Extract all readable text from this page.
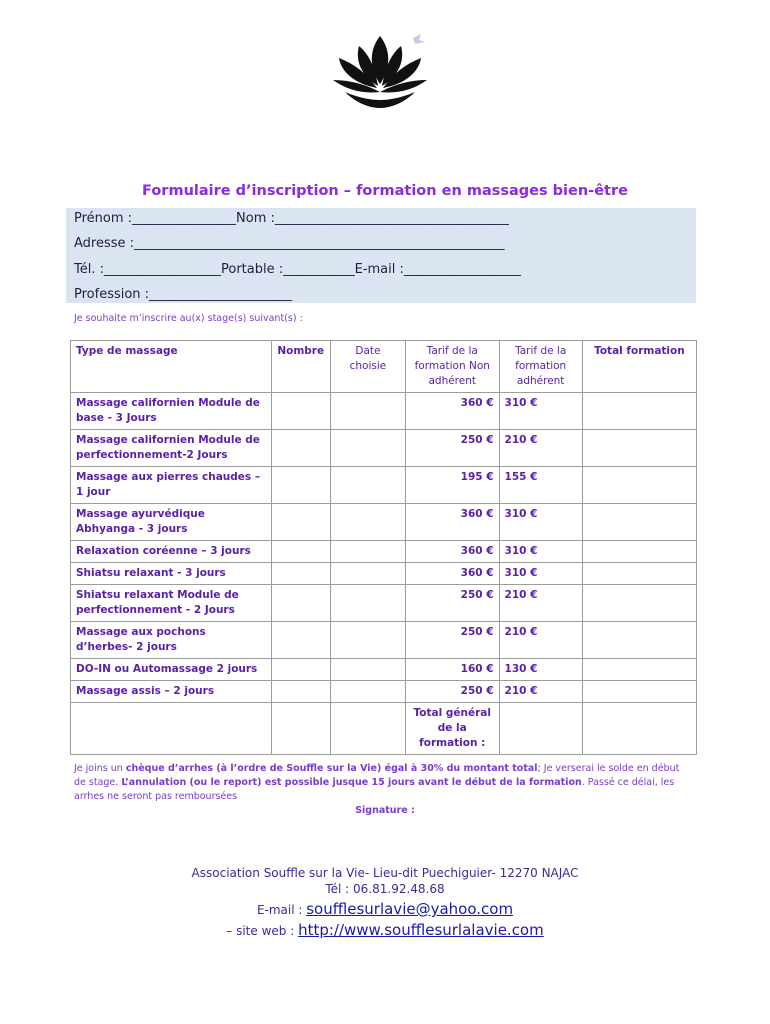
Formulaire d’inscription – formation en massages bien-être
Prénom :________________Nom :____________________________________
Adresse :_________________________________________________________
Tél. :__________________Portable :___________E-mail :__________________
Profession :______________________
Je souhaite m’inscrire au(x) stage(s) suivant(s) :
Type de massage	Nombre	Date choisie	Tarif de la formation Non adhérent	Tarif de la formation adhérent	Total formation
Massage californien Module de base - 3 Jours			360 €	310 €	
Massage californien Module de perfectionnement-2 Jours			250 €	210 €	
Massage aux pierres chaudes – 1 jour			195 €	155 €	
Massage ayurvédique Abhyanga - 3 jours			360 €	310 €	
Relaxation coréenne – 3 jours			360 €	310 €	
Shiatsu relaxant - 3 jours			360 €	310 €	
Shiatsu relaxant Module de perfectionnement - 2 Jours			250 €	210 €	
Massage aux pochons d’herbes- 2 jours			250 €	210 €	
DO-IN ou Automassage 2 jours			160 €	130 €	
Massage assis – 2 jours			250 €	210 €	
			Total général de la formation :		
Je joins un chèque d’arrhes (à l’ordre de Souffle sur la Vie) égal à 30% du montant total; Je verserai le solde en début de stage. L’annulation (ou le report) est possible jusque 15 jours avant le début de la formation. Passé ce délai, les arrhes ne seront pas remboursées
Signature :
Association Souffle sur la Vie- Lieu-dit Puechiguier- 12270 NAJAC
Tél : 06.81.92.48.68
E-mail : soufflesurlavie@yahoo.com
– site web : http://www.soufflesurlalavie.com
